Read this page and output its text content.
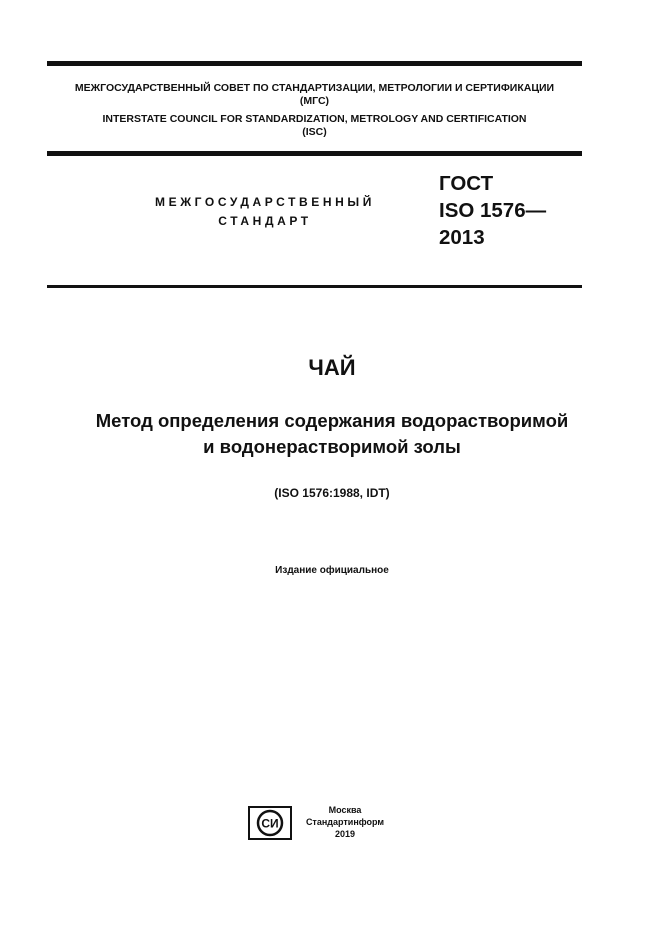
МЕЖГОСУДАРСТВЕННЫЙ СОВЕТ ПО СТАНДАРТИЗАЦИИ, МЕТРОЛОГИИ И СЕРТИФИКАЦИИ
(МГС)
INTERSTATE COUNCIL FOR STANDARDIZATION, METROLOGY AND CERTIFICATION
(ISC)
МЕЖГОСУДАРСТВЕННЫЙ
СТАНДАРТ
ГОСТ
ISO 1576—
2013
ЧАЙ
Метод определения содержания водорастворимой
и водонерастворимой золы
(ISO 1576:1988, IDT)
Издание официальное
СИ
Москва
Стандартинформ
2019
